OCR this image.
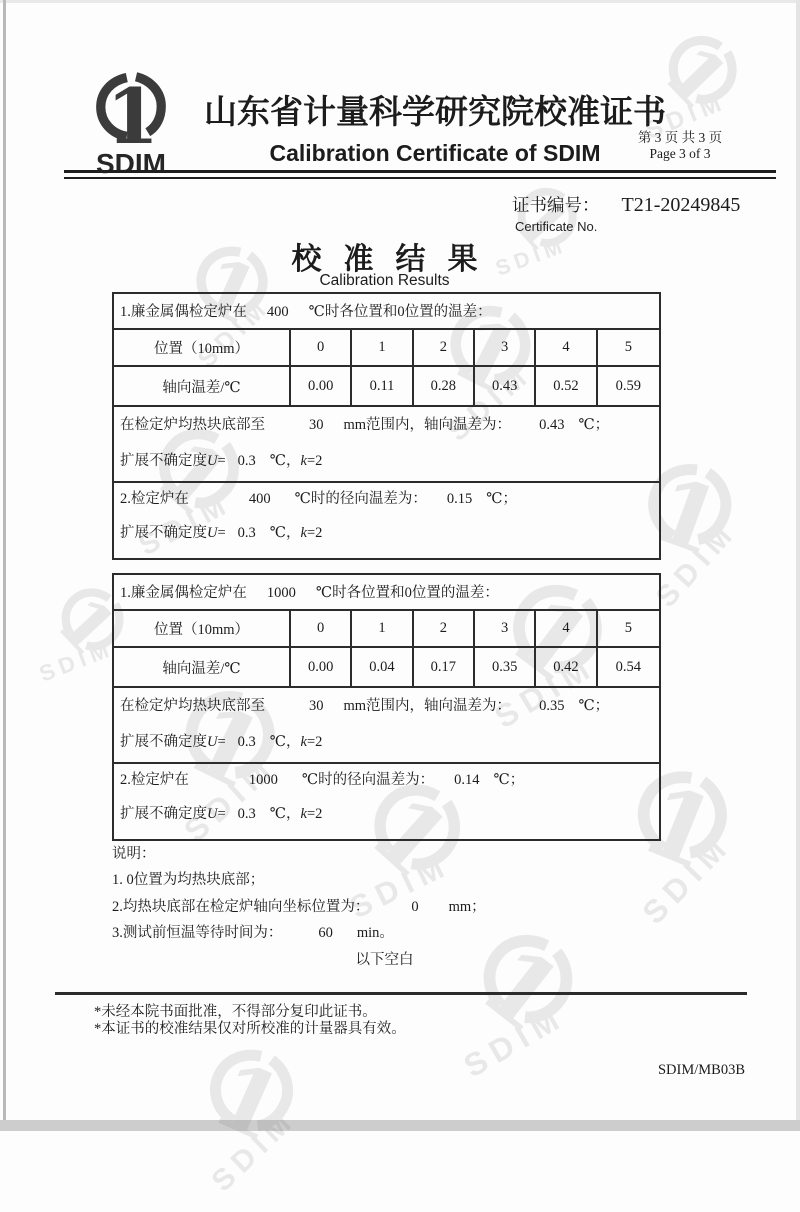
SDIM
山东省计量科学研究院校准证书
Calibration Certificate of SDIM
第 3 页 共 3 页
Page 3 of 3
证书编号： T21-20249845
Certificate No.
校准结果
Calibration Results
1.廉金属偶检定炉在 400 ℃时各位置和0位置的温差：
位置（10mm）	0	1	2	3	4	5
轴向温差/℃	0.00	0.11	0.28	0.43	0.52	0.59
在检定炉均热块底部至	30 mm范围内，轴向温差为： 0.43 ℃；
扩展不确定度U= 0.3 ℃，k=2
2.检定炉在	400 ℃时的径向温差为： 0.15 ℃；
扩展不确定度U= 0.3 ℃，k=2
1.廉金属偶检定炉在 1000 ℃时各位置和0位置的温差：
位置（10mm）	0	1	2	3	4	5
轴向温差/℃	0.00	0.04	0.17	0.35	0.42	0.54
在检定炉均热块底部至	30 mm范围内，轴向温差为： 0.35 ℃；
扩展不确定度U= 0.3 ℃，k=2
2.检定炉在	1000 ℃时的径向温差为： 0.14 ℃；
扩展不确定度U= 0.3 ℃，k=2
说明：
1. 0位置为均热块底部；
2.均热块底部在检定炉轴向坐标位置为：	0 mm；
3.测试前恒温等待时间为： 60 min。
以下空白
*未经本院书面批准，不得部分复印此证书。
*本证书的校准结果仅对所校准的计量器具有效。
SDIM/MB03B
